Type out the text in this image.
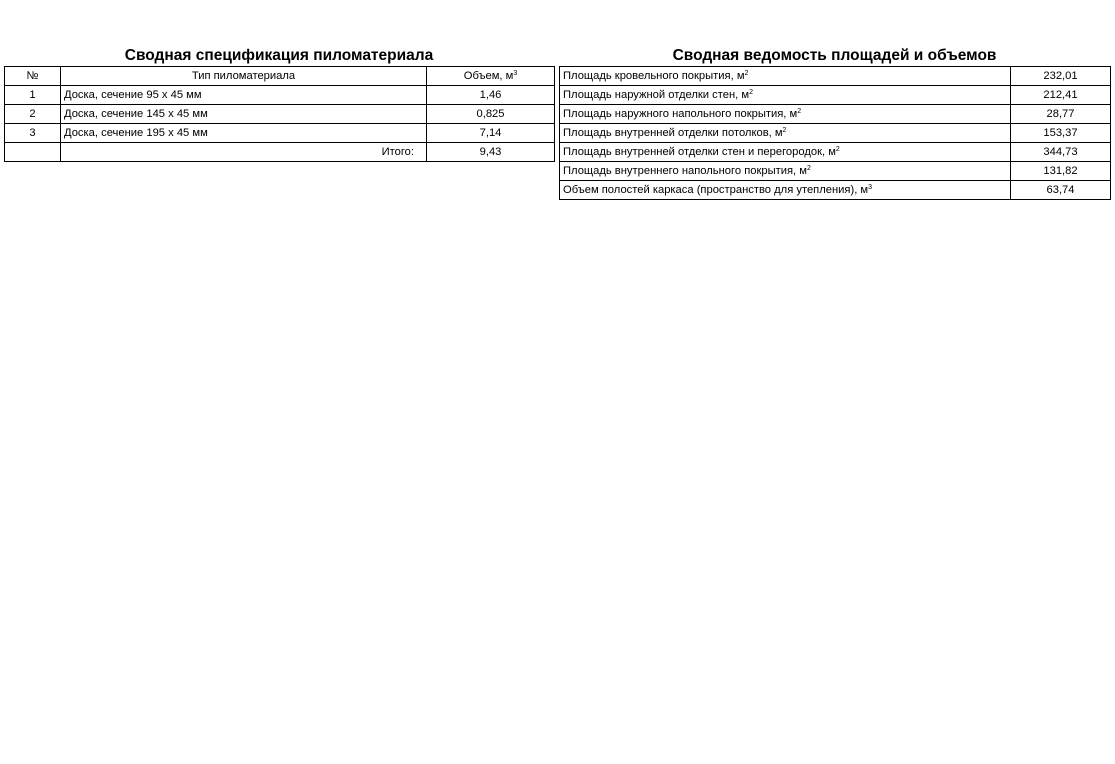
Сводная спецификация пиломатериала
№	Тип пиломатериала	Объем, $м^3$
1	Доска, сечение 95 х 45 мм	1,46
2	Доска, сечение 145 х 45 мм	0,825
3	Доска, сечение 195 х 45 мм	7,14
	Итого:	9,43
Сводная ведомость площадей и объемов
Площадь кровельного покрытия, $м^2$	232,01
Площадь наружной отделки стен, $м^2$	212,41
Площадь наружного напольного покрытия, $м^2$	28,77
Площадь внутренней отделки потолков, $м^2$	153,37
Площадь внутренней отделки стен и перегородок, $м^2$	344,73
Площадь внутреннего напольного покрытия, $м^2$	131,82
Объем полостей каркаса (пространство для утепления), $м^3$	63,74
